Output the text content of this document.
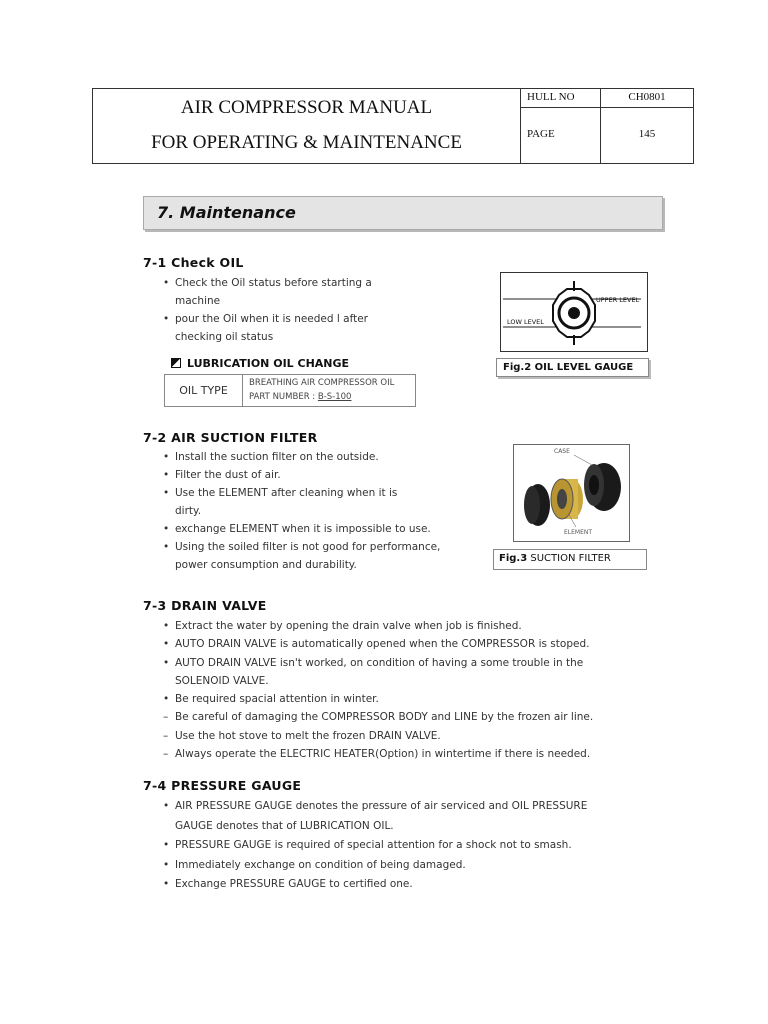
AIR COMPRESSOR MANUAL
FOR OPERATING & MAINTENANCE
HULL NO	CH0801
PAGE	145
7. Maintenance
7-1 Check OIL
• Check the Oil status before starting a
machine
• pour the Oil when it is needed l after
checking oil status
LUBRICATION OIL CHANGE
OIL TYPE
BREATHING AIR COMPRESSOR OIL
PART NUMBER : B-S-100
UPPER LEVEL
LOW LEVEL
Fig.2 OIL LEVEL GAUGE
7-2 AIR SUCTION FILTER
• Install the suction filter on the outside.
• Filter the dust of air.
• Use the ELEMENT after cleaning when it is
dirty.
• exchange ELEMENT when it is impossible to use.
• Using the soiled filter is not good for performance,
power consumption and durability.
CASE
ELEMENT
Fig.3 SUCTION FILTER
7-3 DRAIN VALVE
• Extract the water by opening the drain valve when job is finished.
• AUTO DRAIN VALVE is automatically opened when the COMPRESSOR is stoped.
• AUTO DRAIN VALVE isn't worked, on condition of having a some trouble in the
SOLENOID VALVE.
• Be required spacial attention in winter.
– Be careful of damaging the COMPRESSOR BODY and LINE by the frozen air line.
– Use the hot stove to melt the frozen DRAIN VALVE.
– Always operate the ELECTRIC HEATER(Option) in wintertime if there is needed.
7-4 PRESSURE GAUGE
• AIR PRESSURE GAUGE denotes the pressure of air serviced and OIL PRESSURE
GAUGE denotes that of LUBRICATION OIL.
• PRESSURE GAUGE is required of special attention for a shock not to smash.
• Immediately exchange on condition of being damaged.
• Exchange PRESSURE GAUGE to certified one.
